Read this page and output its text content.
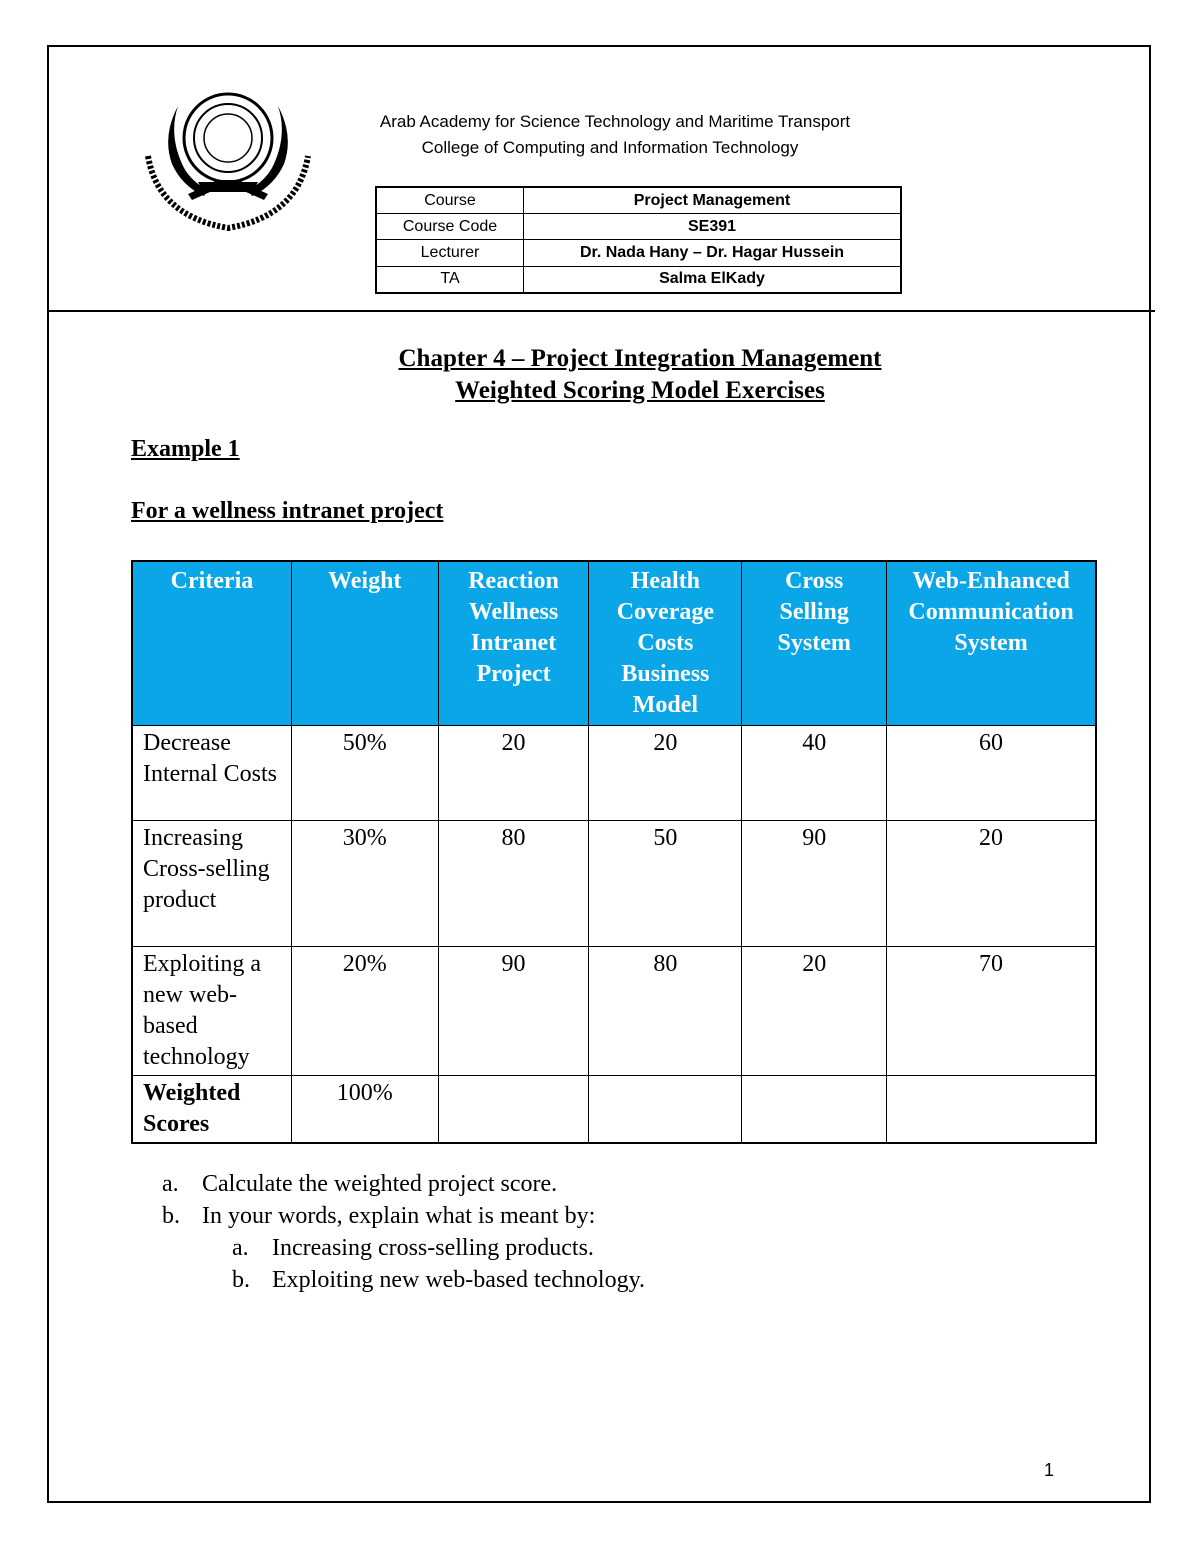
Arab Academy for Science Technology and Maritime Transport
College of Computing and Information Technology
Course	Project Management
Course Code	SE391
Lecturer	Dr. Nada Hany – Dr. Hagar Hussein
TA	Salma ElKady
Chapter 4 – Project Integration Management
Weighted Scoring Model Exercises
Example 1
For a wellness intranet project
Criteria	Weight	Reaction Wellness Intranet Project	Health Coverage Costs Business Model	Cross Selling System	Web-Enhanced Communication System
Decrease Internal Costs	50%	20	20	40	60
Increasing Cross-selling product	30%	80	50	90	20
Exploiting a new web-based technology	20%	90	80	20	70
Weighted Scores	100%				
a. Calculate the weighted project score.
b. In your words, explain what is meant by:
a. Increasing cross-selling products.
b. Exploiting new web-based technology.
1
